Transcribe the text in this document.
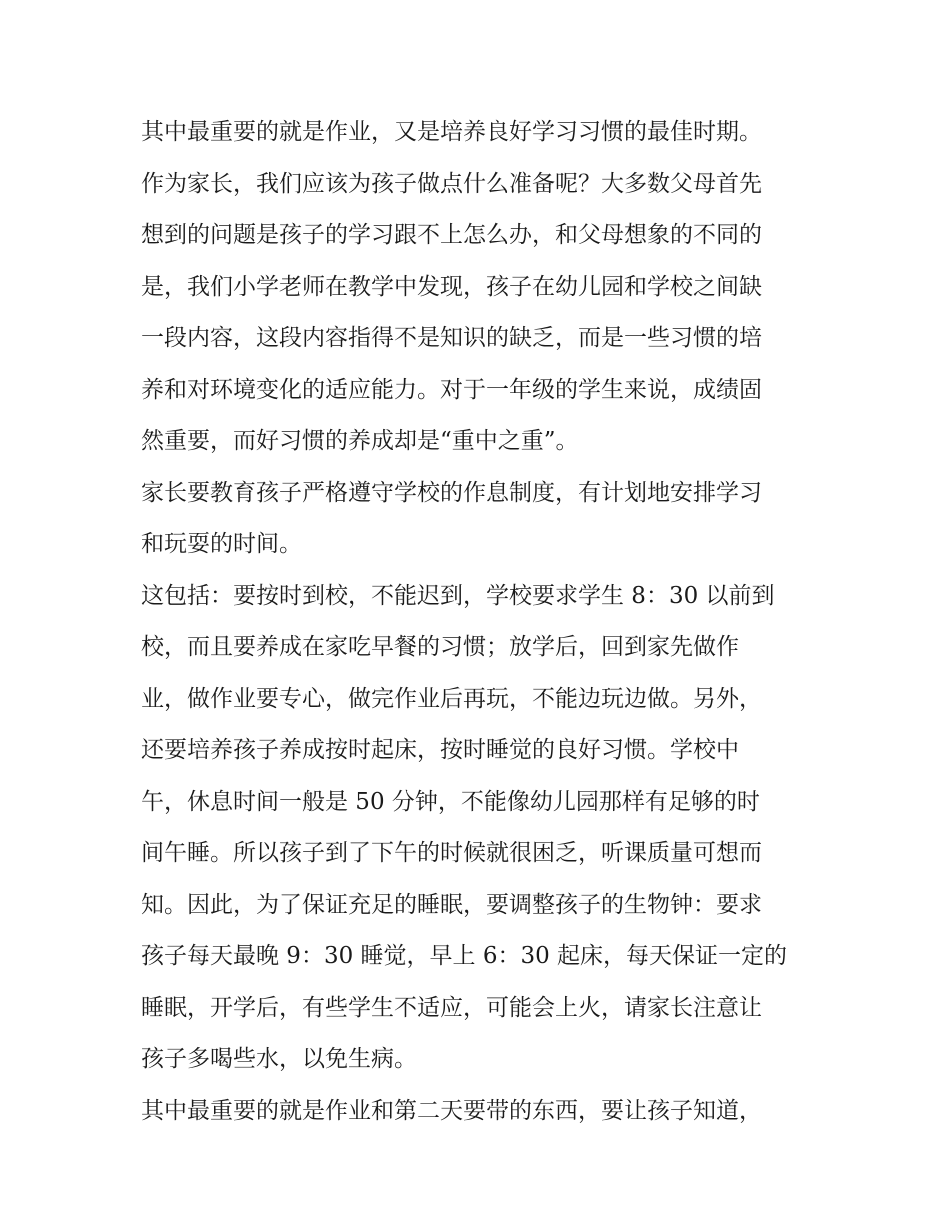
其中最重要的就是作业，又是培养良好学习习惯的最佳时期。
作为家长，我们应该为孩子做点什么准备呢？大多数父母首先
想到的问题是孩子的学习跟不上怎么办，和父母想象的不同的
是，我们小学老师在教学中发现，孩子在幼儿园和学校之间缺
一段内容，这段内容指得不是知识的缺乏，而是一些习惯的培
养和对环境变化的适应能力。对于一年级的学生来说，成绩固
然重要，而好习惯的养成却是“重中之重”。
家长要教育孩子严格遵守学校的作息制度，有计划地安排学习
和玩耍的时间。
这包括：要按时到校，不能迟到，学校要求学生 8：30 以前到
校，而且要养成在家吃早餐的习惯；放学后，回到家先做作
业，做作业要专心，做完作业后再玩，不能边玩边做。另外，
还要培养孩子养成按时起床，按时睡觉的良好习惯。学校中
午，休息时间一般是 50 分钟，不能像幼儿园那样有足够的时
间午睡。所以孩子到了下午的时候就很困乏，听课质量可想而
知。因此，为了保证充足的睡眠，要调整孩子的生物钟：要求
孩子每天最晚 9：30 睡觉，早上 6：30 起床，每天保证一定的
睡眠，开学后，有些学生不适应，可能会上火，请家长注意让
孩子多喝些水，以免生病。
其中最重要的就是作业和第二天要带的东西，要让孩子知道，
